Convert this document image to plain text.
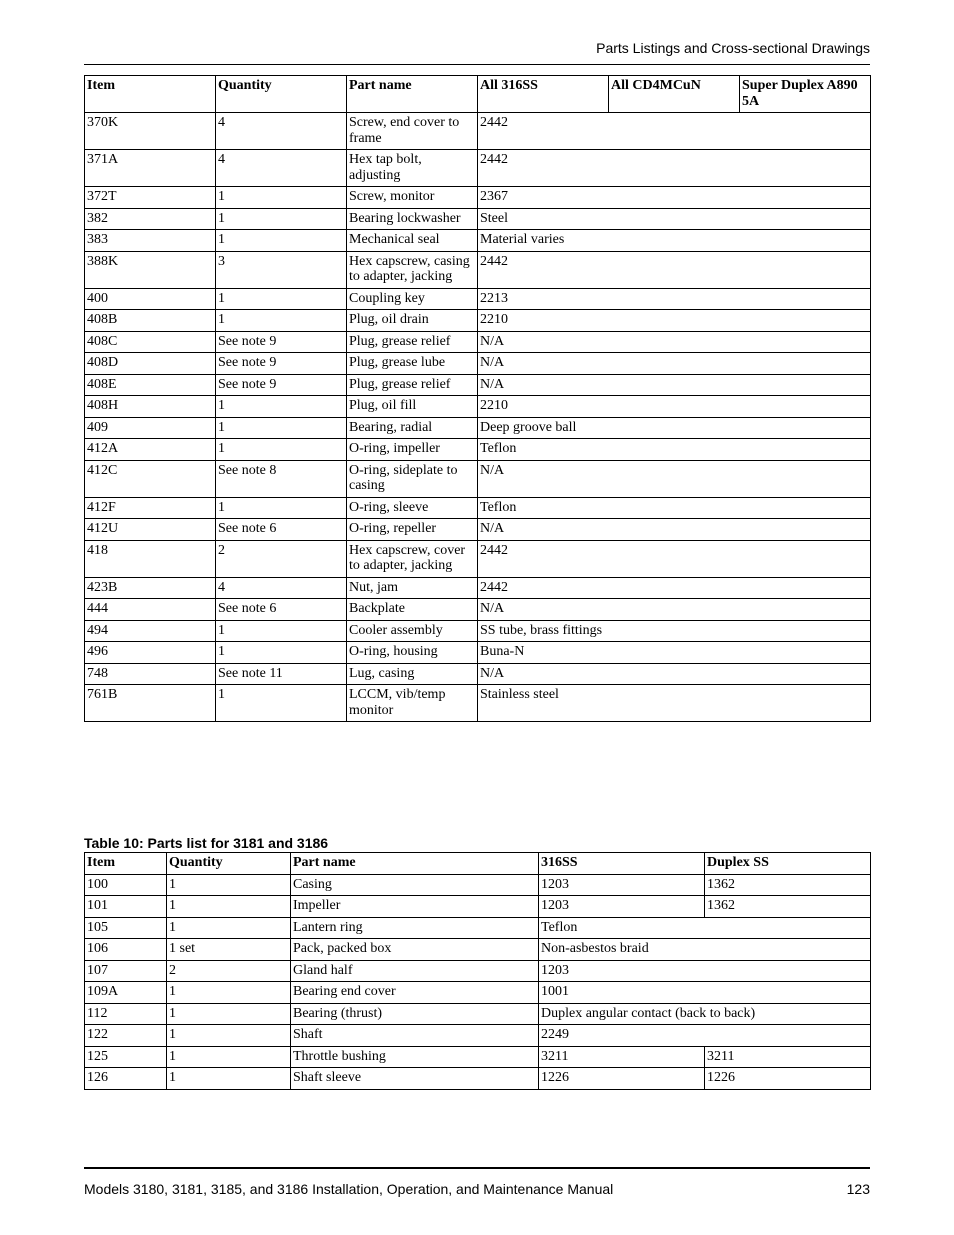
Parts Listings and Cross-sectional Drawings
Item	Quantity	Part name	All 316SS	All CD4MCuN	Super Duplex A890 5A
370K	4	Screw, end cover to frame	2442		
371A	4	Hex tap bolt, adjusting	2442		
372T	1	Screw, monitor	2367		
382	1	Bearing lockwasher	Steel		
383	1	Mechanical seal	Material varies		
388K	3	Hex capscrew, casing to adapter, jacking	2442		
400	1	Coupling key	2213		
408B	1	Plug, oil drain	2210		
408C	See note 9	Plug, grease relief	N/A		
408D	See note 9	Plug, grease lube	N/A		
408E	See note 9	Plug, grease relief	N/A		
408H	1	Plug, oil fill	2210		
409	1	Bearing, radial	Deep groove ball		
412A	1	O-ring, impeller	Teflon		
412C	See note 8	O-ring, sideplate to casing	N/A		
412F	1	O-ring, sleeve	Teflon		
412U	See note 6	O-ring, repeller	N/A		
418	2	Hex capscrew, cover to adapter, jacking	2442		
423B	4	Nut, jam	2442		
444	See note 6	Backplate	N/A		
494	1	Cooler assembly	SS tube, brass fittings		
496	1	O-ring, housing	Buna-N		
748	See note 11	Lug, casing	N/A		
761B	1	LCCM, vib/temp monitor	Stainless steel		
Table 10: Parts list for 3181 and 3186
Item	Quantity	Part name	316SS	Duplex SS
100	1	Casing	1203	1362
101	1	Impeller	1203	1362
105	1	Lantern ring	Teflon	
106	1 set	Pack, packed box	Non-asbestos braid	
107	2	Gland half	1203	
109A	1	Bearing end cover	1001	
112	1	Bearing (thrust)	Duplex angular contact (back to back)	
122	1	Shaft	2249	
125	1	Throttle bushing	3211	3211
126	1	Shaft sleeve	1226	1226
Models 3180, 3181, 3185, and 3186 Installation, Operation, and Maintenance Manual	123
